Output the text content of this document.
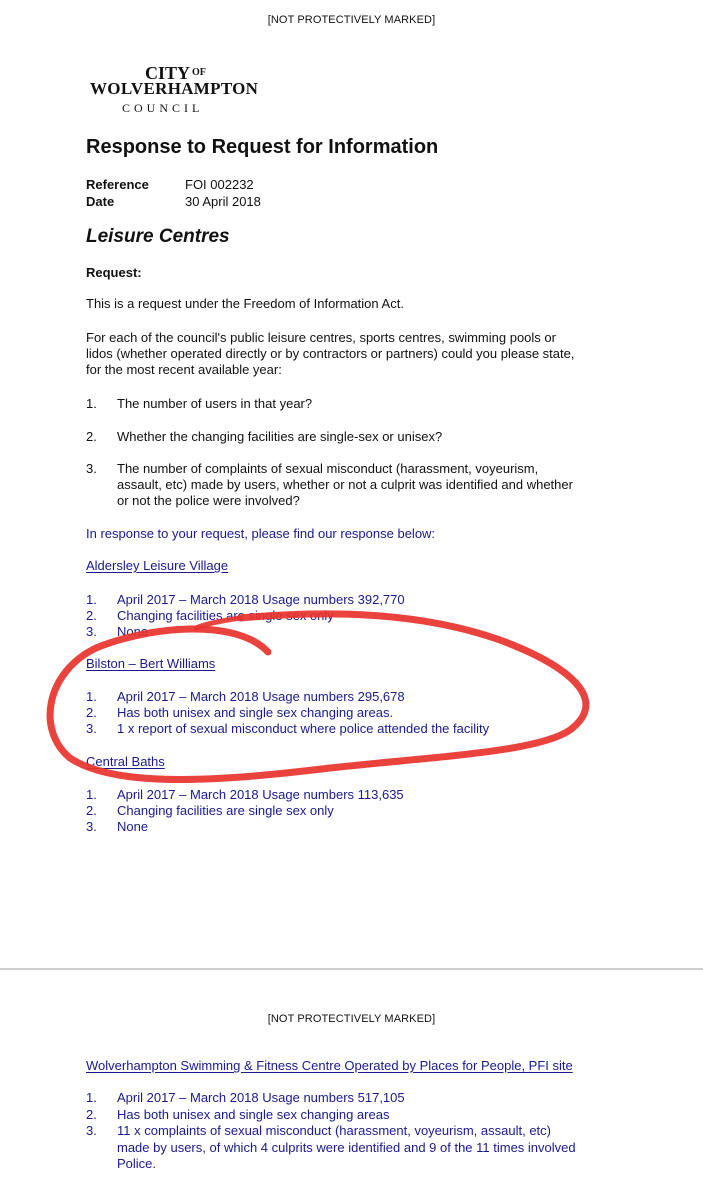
[NOT PROTECTIVELY MARKED]
CITY $^{OF}$
WOLVERHAMPTON
COUNCIL
Response to Request for Information
Reference	FOI 002232
Date	30 April 2018
Leisure Centres
Request:
This is a request under the Freedom of Information Act.
For each of the council's public leisure centres, sports centres, swimming pools or
lidos (whether operated directly or by contractors or partners) could you please state,
for the most recent available year:
1. The number of users in that year?
2. Whether the changing facilities are single-sex or unisex?
3. The number of complaints of sexual misconduct (harassment, voyeurism,
assault, etc) made by users, whether or not a culprit was identified and whether
or not the police were involved?
In response to your request, please find our response below:
Aldersley Leisure Village
1. April 2017 – March 2018 Usage numbers 392,770
2. Changing facilities are single sex only
3. None
Bilston – Bert Williams
1. April 2017 – March 2018 Usage numbers 295,678
2. Has both unisex and single sex changing areas.
3. 1 x report of sexual misconduct where police attended the facility
Central Baths
1. April 2017 – March 2018 Usage numbers 113,635
2. Changing facilities are single sex only
3. None
[NOT PROTECTIVELY MARKED]
Wolverhampton Swimming & Fitness Centre Operated by Places for People, PFI site
1. April 2017 – March 2018 Usage numbers 517,105
2. Has both unisex and single sex changing areas
3. 11 x complaints of sexual misconduct (harassment, voyeurism, assault, etc)
made by users, of which 4 culprits were identified and 9 of the 11 times involved
Police.
